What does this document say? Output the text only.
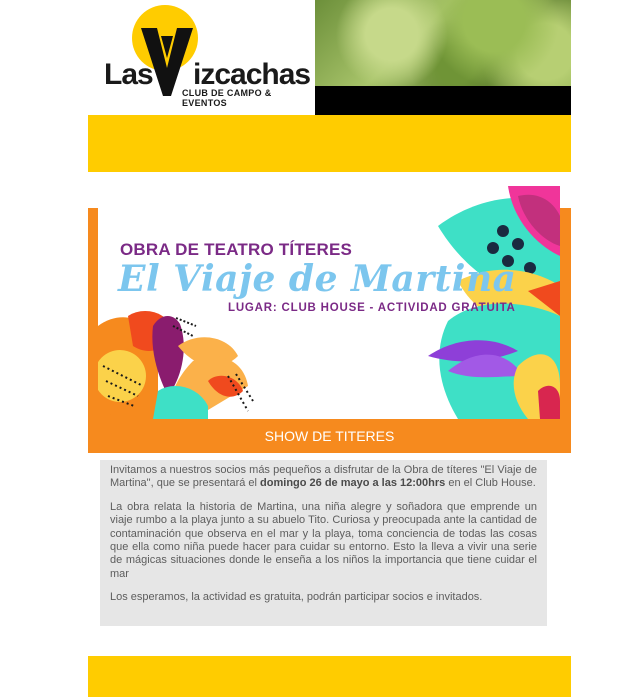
Las izcachas
CLUB DE CAMPO & EVENTOS
OBRA DE TEATRO TÍTERES
El Viaje de Martina
LUGAR: CLUB HOUSE - ACTIVIDAD GRATUITA
SHOW DE TITERES

Invitamos a nuestros socios más pequeños a disfrutar de la Obra de títeres "El Viaje de Martina", que se presentará el domingo 26 de mayo a las 12:00hrs en el Club House.

La obra relata la historia de Martina, una niña alegre y soñadora que emprende un viaje rumbo a la playa junto a su abuelo Tito. Curiosa y preocupada ante la cantidad de contaminación que observa en el mar y la playa, toma conciencia de todas las cosas que ella como niña puede hacer para cuidar su entorno. Esto la lleva a vivir una serie de mágicas situaciones donde le enseña a los niños la importancia que tiene cuidar el mar

Los esperamos, la actividad es gratuita, podrán participar socios e invitados.
